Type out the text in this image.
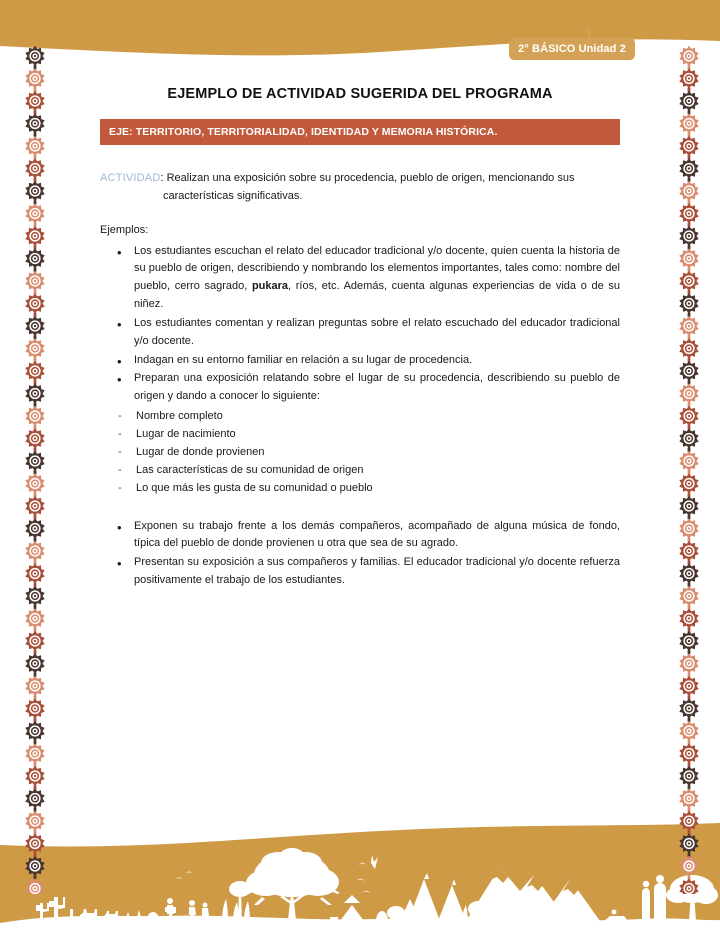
2° BÁSICO Unidad 2
EJEMPLO DE ACTIVIDAD SUGERIDA DEL PROGRAMA
EJE: TERRITORIO, TERRITORIALIDAD, IDENTIDAD Y MEMORIA HISTÓRICA.
ACTIVIDAD: Realizan una exposición sobre su procedencia, pueblo de origen, mencionando sus
características significativas.
Ejemplos:
• Los estudiantes escuchan el relato del educador tradicional y/o docente, quien cuenta la historia de su pueblo de origen, describiendo y nombrando los elementos importantes, tales como: nombre del pueblo, cerro sagrado, pukara, ríos, etc. Además, cuenta algunas experiencias de vida o de su niñez.
• Los estudiantes comentan y realizan preguntas sobre el relato escuchado del educador tradicional y/o docente.
• Indagan en su entorno familiar en relación a su lugar de procedencia.
• Preparan una exposición relatando sobre el lugar de su procedencia, describiendo su pueblo de origen y dando a conocer lo siguiente:
- Nombre completo
- Lugar de nacimiento
- Lugar de donde provienen
- Las características de su comunidad de origen
- Lo que más les gusta de su comunidad o pueblo
• Exponen su trabajo frente a los demás compañeros, acompañado de alguna música de fondo, típica del pueblo de donde provienen u otra que sea de su agrado.
• Presentan su exposición a sus compañeros y familias. El educador tradicional y/o docente refuerza positivamente el trabajo de los estudiantes.
